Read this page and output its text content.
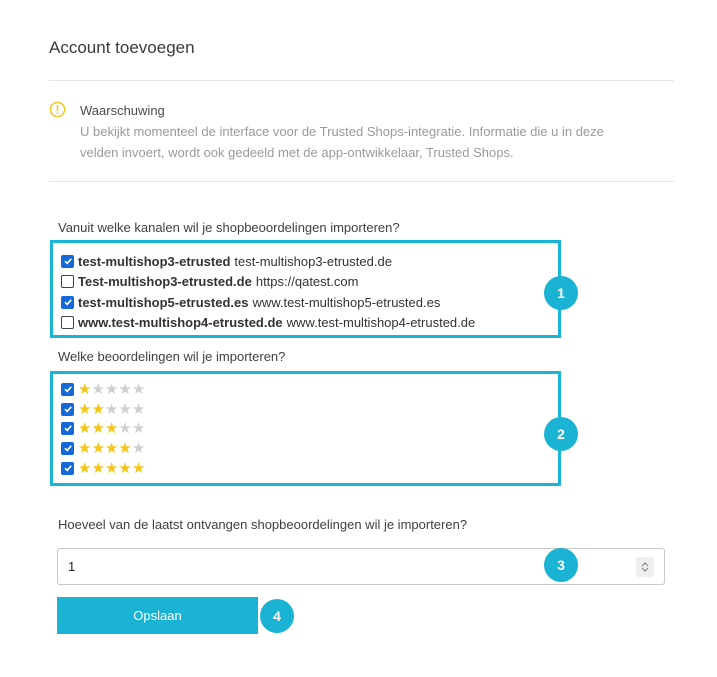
Account toevoegen
Waarschuwing
U bekijkt momenteel de interface voor de Trusted Shops-integratie. Informatie die u in deze velden invoert, wordt ook gedeeld met de app-ontwikkelaar, Trusted Shops.
Vanuit welke kanalen wil je shopbeoordelingen importeren?
test-multishop3-etrusted test-multishop3-etrusted.de
Test-multishop3-etrusted.de https://qatest.com
test-multishop5-etrusted.es www.test-multishop5-etrusted.es
www.test-multishop4-etrusted.de www.test-multishop4-etrusted.de
1
Welke beoordelingen wil je importeren?
★ ★ ★ ★ ★
★ ★ ★ ★ ★
★ ★ ★ ★ ★
★ ★ ★ ★ ★
★ ★ ★ ★ ★
2
Hoeveel van de laatst ontvangen shopbeoordelingen wil je importeren?
1
3
Opslaan	4
